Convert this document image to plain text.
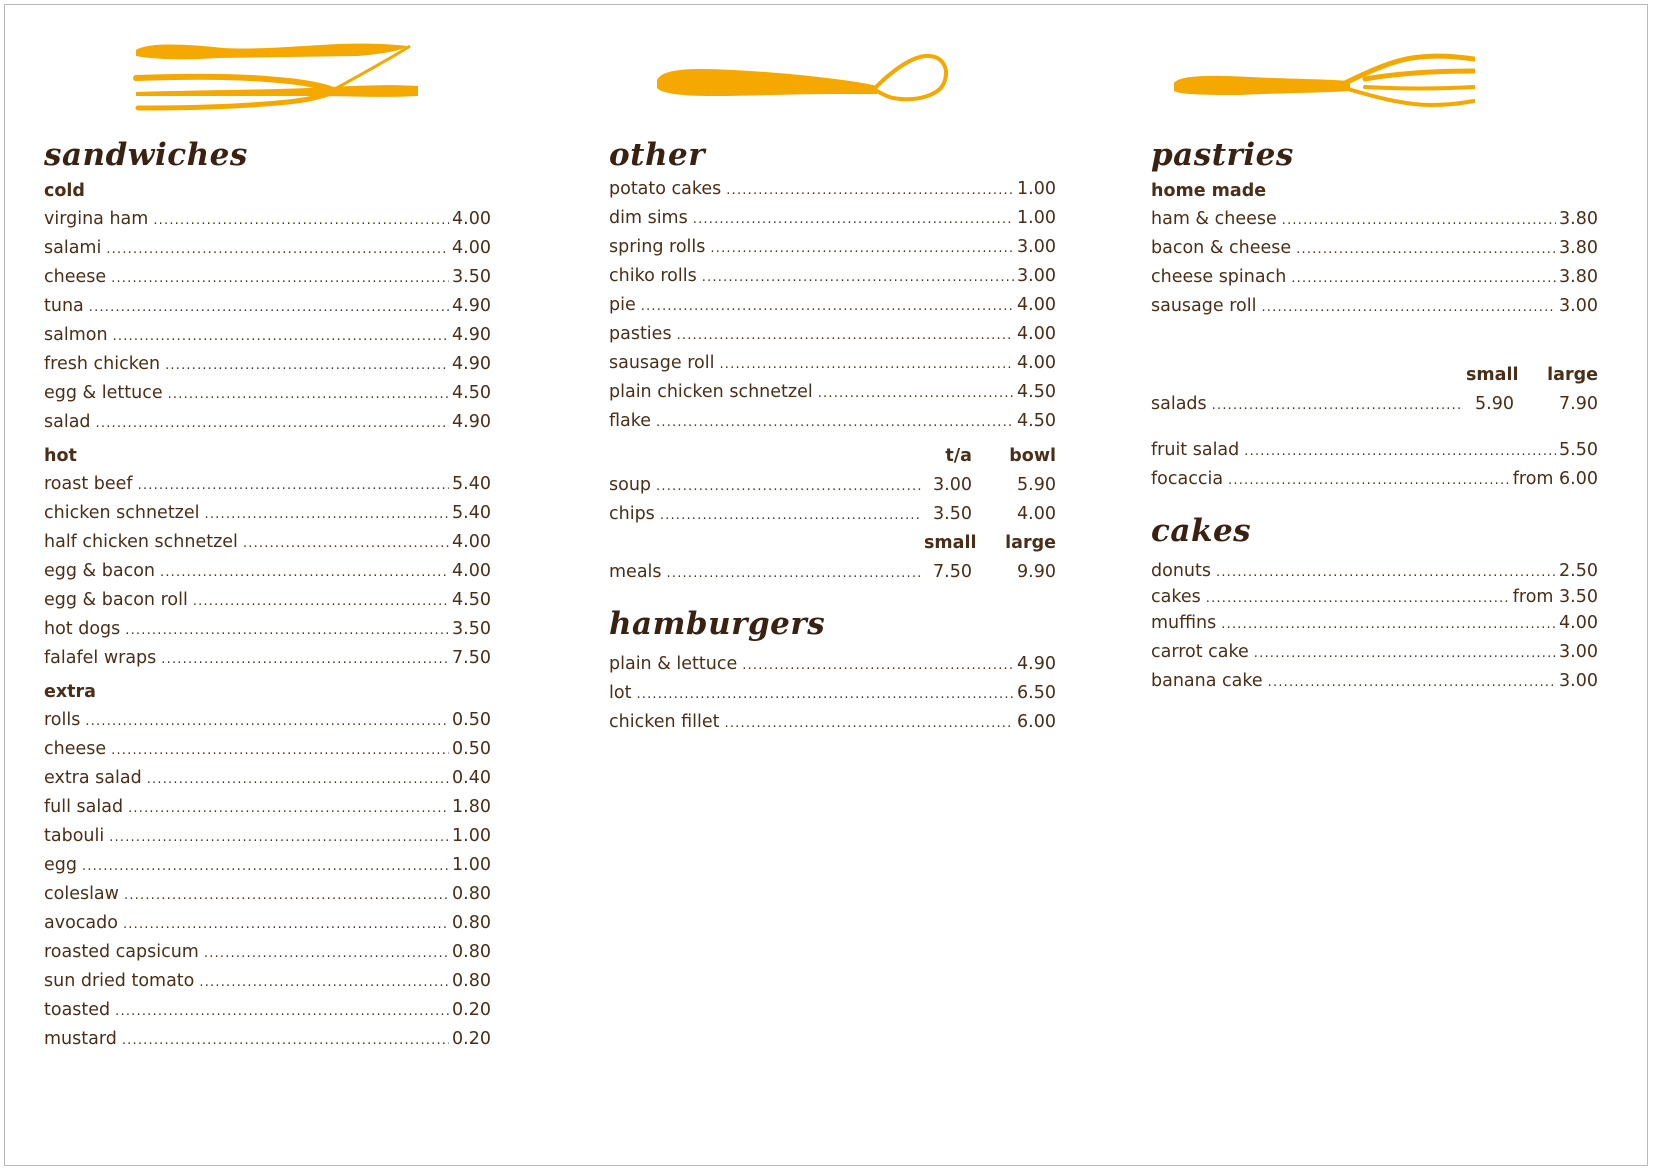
sandwiches
cold
virgina ham .....	4.00
salami .....	4.00
cheese .....	3.50
tuna .....	4.90
salmon .....	4.90
fresh chicken .....	4.90
egg & lettuce .....	4.50
salad .....	4.90
hot
roast beef .....	5.40
chicken schnetzel .....	5.40
half chicken schnetzel .....	4.00
egg & bacon .....	4.00
egg & bacon roll .....	4.50
hot dogs .....	3.50
falafel wraps .....	7.50
extra
rolls .....	0.50
cheese .....	0.50
extra salad .....	0.40
full salad .....	1.80
tabouli .....	1.00
egg .....	1.00
coleslaw .....	0.80
avocado .....	0.80
roasted capsicum .....	0.80
sun dried tomato .....	0.80
toasted .....	0.20
mustard .....	0.20
other
potato cakes .....	1.00
dim sims .....	1.00
spring rolls .....	3.00
chiko rolls .....	3.00
pie .....	4.00
pasties .....	4.00
sausage roll .....	4.00
plain chicken schnetzel .....	4.50
flake .....	4.50
t/a	bowl
soup .....	3.00	5.90
chips .....	3.50	4.00
small	large
meals .....	7.50	9.90
hamburgers
plain & lettuce .....	4.90
lot .....	6.50
chicken fillet .....	6.00
pastries
home made
ham & cheese .....	3.80
bacon & cheese .....	3.80
cheese spinach .....	3.80
sausage roll .....	3.00
small	large
salads .....	5.90	7.90
fruit salad .....	5.50
focaccia .....	from 6.00
cakes
donuts .....	2.50
cakes .....	from 3.50
muffins .....	4.00
carrot cake .....	3.00
banana cake .....	3.00
